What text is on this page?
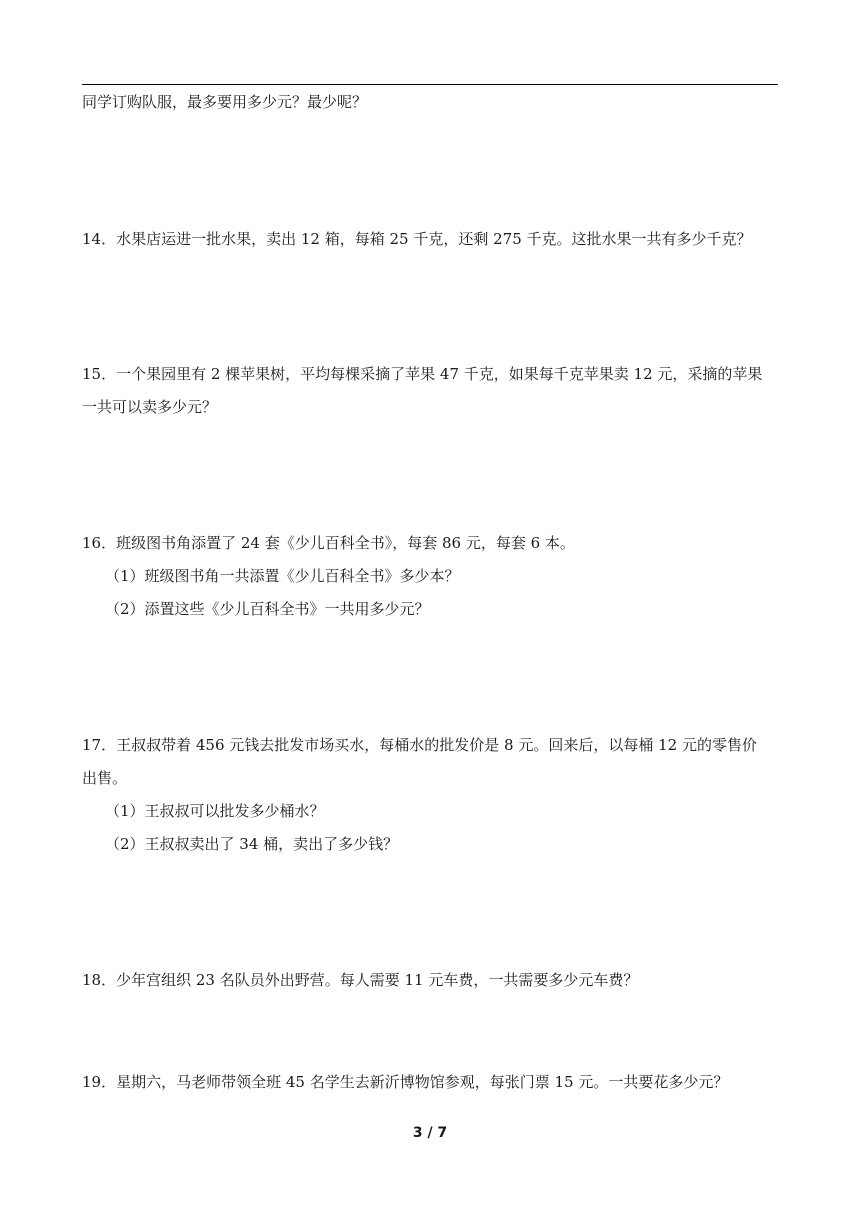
同学订购队服，最多要用多少元？最少呢？
14．水果店运进一批水果，卖出 12 箱，每箱 25 千克，还剩 275 千克。这批水果一共有多少千克？
15．一个果园里有 2 棵苹果树，平均每棵采摘了苹果 47 千克，如果每千克苹果卖 12 元，采摘的苹果
一共可以卖多少元？
16．班级图书角添置了 24 套《少儿百科全书》，每套 86 元，每套 6 本。
（1）班级图书角一共添置《少儿百科全书》多少本？
（2）添置这些《少儿百科全书》一共用多少元？
17．王叔叔带着 456 元钱去批发市场买水，每桶水的批发价是 8 元。回来后，以每桶 12 元的零售价
出售。
（1）王叔叔可以批发多少桶水？
（2）王叔叔卖出了 34 桶，卖出了多少钱？
18．少年宫组织 23 名队员外出野营。每人需要 11 元车费，一共需要多少元车费？
19．星期六，马老师带领全班 45 名学生去新沂博物馆参观，每张门票 15 元。一共要花多少元？
3 / 7
